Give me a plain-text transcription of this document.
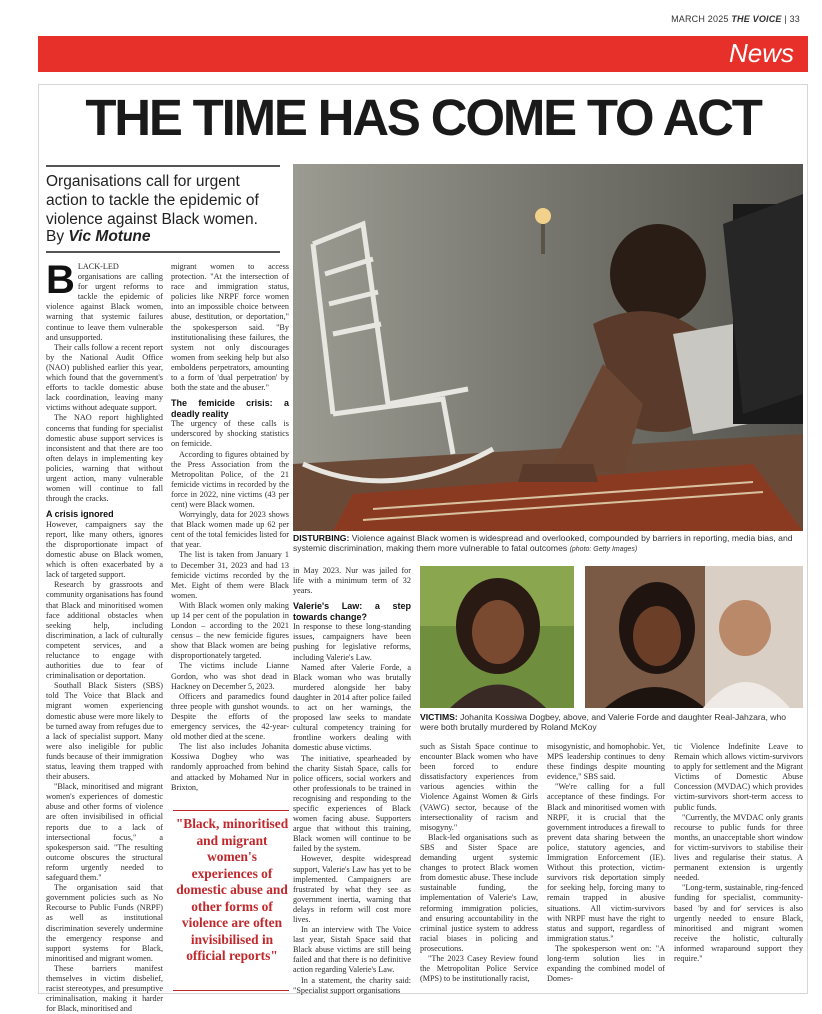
MARCH 2025 THE VOICE | 33
News
THE TIME HAS COME TO ACT
Organisations call for urgent action to tackle the epidemic of violence against Black women.
By Vic Motune
B LACK-LED organisations are calling for urgent reforms to tackle the epidemic of violence against Black women, warning that systemic failures continue to leave them vulnerable and unsupported.

Their calls follow a recent report by the National Audit Office (NAO) published earlier this year, which found that the government's efforts to tackle domestic abuse lack coordination, leaving many victims without adequate support.

The NAO report highlighted concerns that funding for specialist domestic abuse support services is inconsistent and that there are too often delays in implementing key policies, warning that without urgent action, many vulnerable women will continue to fall through the cracks.

A crisis ignored

However, campaigners say the report, like many others, ignores the disproportionate impact of domestic abuse on Black women, which is often exacerbated by a lack of targeted support.

Research by grassroots and community organisations has found that Black and minoritised women face additional obstacles when seeking help, including discrimination, a lack of culturally competent services, and a reluctance to engage with authorities due to fear of criminalisation or deportation.

Southall Black Sisters (SBS) told The Voice that Black and migrant women experiencing domestic abuse were more likely to be turned away from refuges due to a lack of specialist support. Many were also ineligible for public funds because of their immigration status, leaving them trapped with their abusers.

"Black, minoritised and migrant women's experiences of domestic abuse and other forms of violence are often invisibilised in official reports due to a lack of intersectional focus," a spokesperson said. "The resulting outcome obscures the structural reform urgently needed to safeguard them."

The organisation said that government policies such as No Recourse to Public Funds (NRPF) as well as institutional discrimination severely undermine the emergency response and support systems for Black, minoritised and migrant women.

These barriers manifest themselves in victim disbelief, racist stereotypes, and presumptive criminalisation, making it harder for Black, minoritised and

migrant women to access protection. "At the intersection of race and immigration status, policies like NRPF force women into an impossible choice between abuse, destitution, or deportation," the spokesperson said. "By institutionalising these failures, the system not only discourages women from seeking help but also emboldens perpetrators, amounting to a form of 'dual perpetration' by both the state and the abuser."

The femicide crisis: a deadly reality

The urgency of these calls is underscored by shocking statistics on femicide.

According to figures obtained by the Press Association from the Metropolitan Police, of the 21 femicide victims in recorded by the force in 2022, nine victims (43 per cent) were Black women.

Worryingly, data for 2023 shows that Black women made up 62 per cent of the total femicides listed for that year.

The list is taken from January 1 to December 31, 2023 and had 13 femicide victims recorded by the Met. Eight of them were Black women.

With Black women only making up 14 per cent of the population in London – according to the 2021 census – the new femicide figures show that Black women are being disproportionately targeted.

The victims include Lianne Gordon, who was shot dead in Hackney on December 5, 2023.

Officers and paramedics found three people with gunshot wounds. Despite the efforts of the emergency services, the 42-year-old mother died at the scene.

The list also includes Johanita Kossiwa Dogbey who was randomly approached from behind and attacked by Mohamed Nur in Brixton,

"Black, minoritised and migrant women's experiences of domestic abuse and other forms of violence are often invisibilised in official reports"
DISTURBING: Violence against Black women is widespread and overlooked, compounded by barriers in reporting, media bias, and systemic discrimination, making them more vulnerable to fatal outcomes (photo: Getty Images)

in May 2023. Nur was jailed for life with a minimum term of 32 years.

Valerie's Law: a step towards change?

In response to these long-standing issues, campaigners have been pushing for legislative reforms, including Valerie's Law.

Named after Valerie Forde, a Black woman who was brutally murdered alongside her baby daughter in 2014 after police failed to act on her warnings, the proposed law seeks to mandate cultural competency training for frontline workers dealing with domestic abuse victims.

The initiative, spearheaded by the charity Sistah Space, calls for police officers, social workers and other professionals to be trained in recognising and responding to the specific experiences of Black women facing abuse. Supporters argue that without this training, Black women will continue to be failed by the system.

However, despite widespread support, Valerie's Law has yet to be implemented. Campaigners are frustrated by what they see as government inertia, warning that delays in reform will cost more lives.

In an interview with The Voice last year, Sistah Space said that Black abuse victims are still being failed and that there is no definitive action regarding Valerie's Law.

In a statement, the charity said: "Specialist support organisations

VICTIMS: Johanita Kossiwa Dogbey, above, and Valerie Forde and daughter Real-Jahzara, who were both brutally murdered by Roland McKoy

such as Sistah Space continue to encounter Black women who have been forced to endure dissatisfactory experiences from various agencies within the Violence Against Women & Girls (VAWG) sector, because of the intersectionality of racism and misogyny."

Black-led organisations such as SBS and Sister Space are demanding urgent systemic changes to protect Black women from domestic abuse. These include sustainable funding, the implementation of Valerie's Law, reforming immigration policies, and ensuring accountability in the criminal justice system to address racial biases in policing and prosecutions.

"The 2023 Casey Review found the Metropolitan Police Service (MPS) to be institutionally racist,

misogynistic, and homophobic. Yet, MPS leadership continues to deny these findings despite mounting evidence," SBS said.

"We're calling for a full acceptance of these findings. For Black and minoritised women with NRPF, it is crucial that the government introduces a firewall to prevent data sharing between the police, statutory agencies, and Immigration Enforcement (IE). Without this protection, victim-survivors risk deportation simply for seeking help, forcing many to remain trapped in abusive situations. All victim-survivors with NRPF must have the right to status and support, regardless of immigration status."

The spokesperson went on: "A long-term solution lies in expanding the combined model of Domes-

tic Violence Indefinite Leave to Remain which allows victim-survivors to apply for settlement and the Migrant Victims of Domestic Abuse Concession (MVDAC) which provides victim-survivors short-term access to public funds.

"Currently, the MVDAC only grants recourse to public funds for three months, an unacceptable short window for victim-survivors to stabilise their lives and regularise their status. A permanent extension is urgently needed.

"Long-term, sustainable, ring-fenced funding for specialist, community-based 'by and for' services is also urgently needed to ensure Black, minoritised and migrant women receive the holistic, culturally informed wraparound support they require."
